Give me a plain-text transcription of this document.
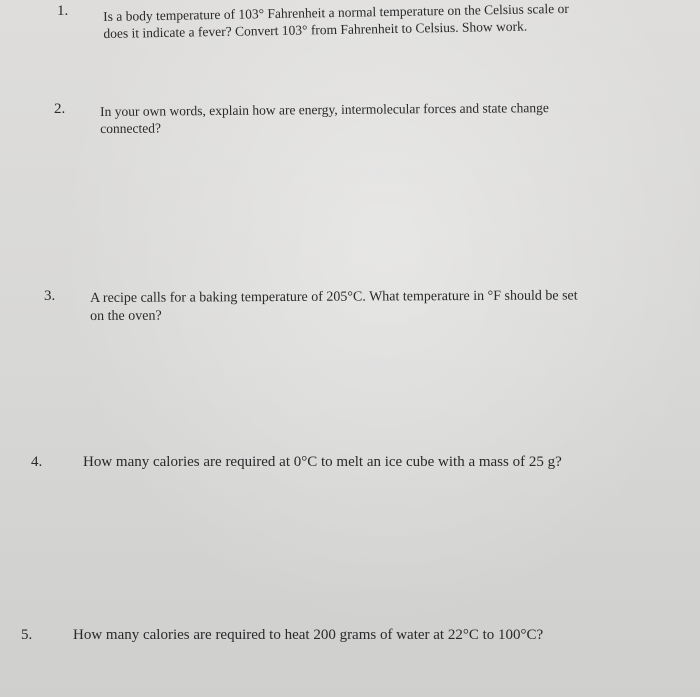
1.	Is a body temperature of 103° Fahrenheit a normal temperature on the Celsius scale or
does it indicate a fever? Convert 103° from Fahrenheit to Celsius. Show work.
2.	In your own words, explain how are energy, intermolecular forces and state change
connected?
3. A recipe calls for a baking temperature of 205°C. What temperature in °F should be set
on the oven?
4.	How many calories are required at 0°C to melt an ice cube with a mass of 25 g?
5.	How many calories are required to heat 200 grams of water at 22°C to 100°C?
